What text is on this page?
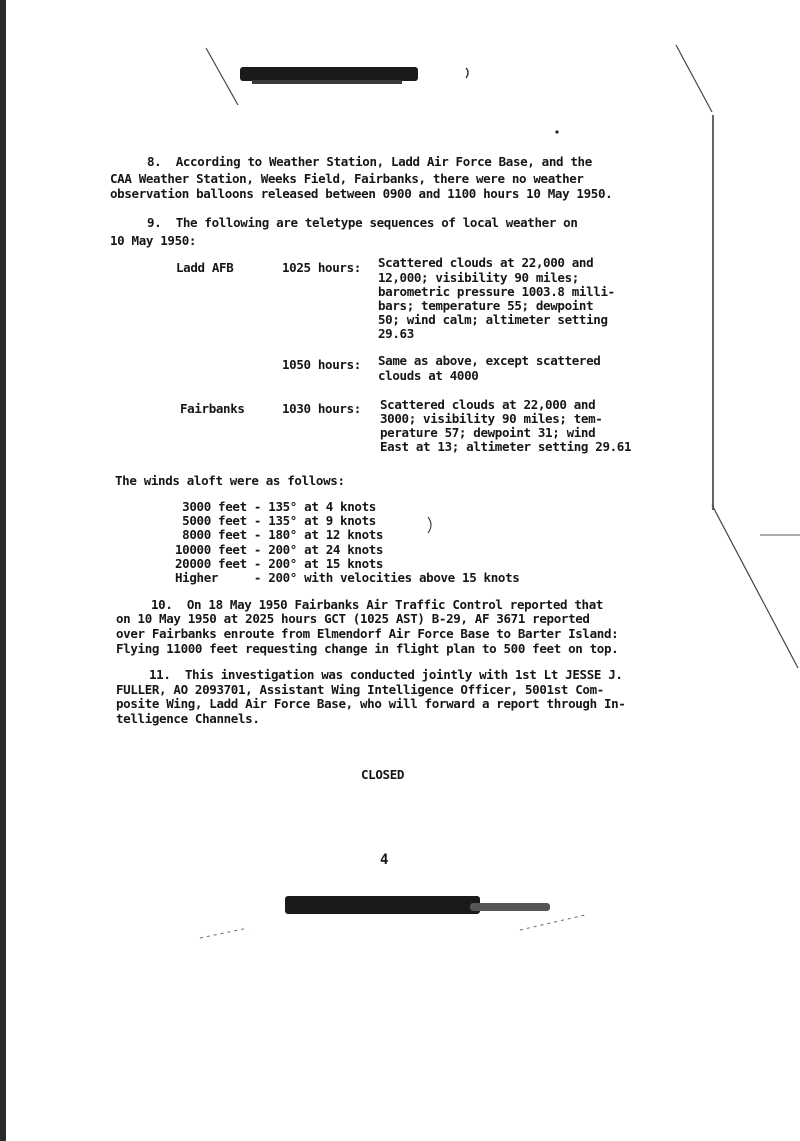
8.  According to Weather Station, Ladd Air Force Base, and the

CAA Weather Station, Weeks Field, Fairbanks, there were no weather

observation balloons released between 0900 and 1100 hours 10 May 1950.

9.  The following are teletype sequences of local weather on

10 May 1950:

Ladd AFB	1025 hours: Scattered clouds at 22,000 and
12,000; visibility 90 miles;
barometric pressure 1003.8 milli-
bars; temperature 55; dewpoint
50; wind calm; altimeter setting
29.63
1050 hours: Same as above, except scattered
clouds at 4000
Fairbanks	1030 hours: Scattered clouds at 22,000 and
3000; visibility 90 miles; tem-
perature 57; dewpoint 31; wind
East at 13; altimeter setting 29.61
The winds aloft were as follows:
3000 feet - 135° at 4 knots
5000 feet - 135° at 9 knots
8000 feet - 180° at 12 knots
10000 feet - 200° at 24 knots
20000 feet - 200° at 15 knots
Higher     - 200° with velocities above 15 knots

10.  On 18 May 1950 Fairbanks Air Traffic Control reported that

on 10 May 1950 at 2025 hours GCT (1025 AST) B-29, AF 3671 reported

over Fairbanks enroute from Elmendorf Air Force Base to Barter Island:

Flying 11000 feet requesting change in flight plan to 500 feet on top.

11.  This investigation was conducted jointly with 1st Lt JESSE J.

FULLER, AO 2093701, Assistant Wing Intelligence Officer, 5001st Com-

posite Wing, Ladd Air Force Base, who will forward a report through In-

telligence Channels.

CLOSED
4
